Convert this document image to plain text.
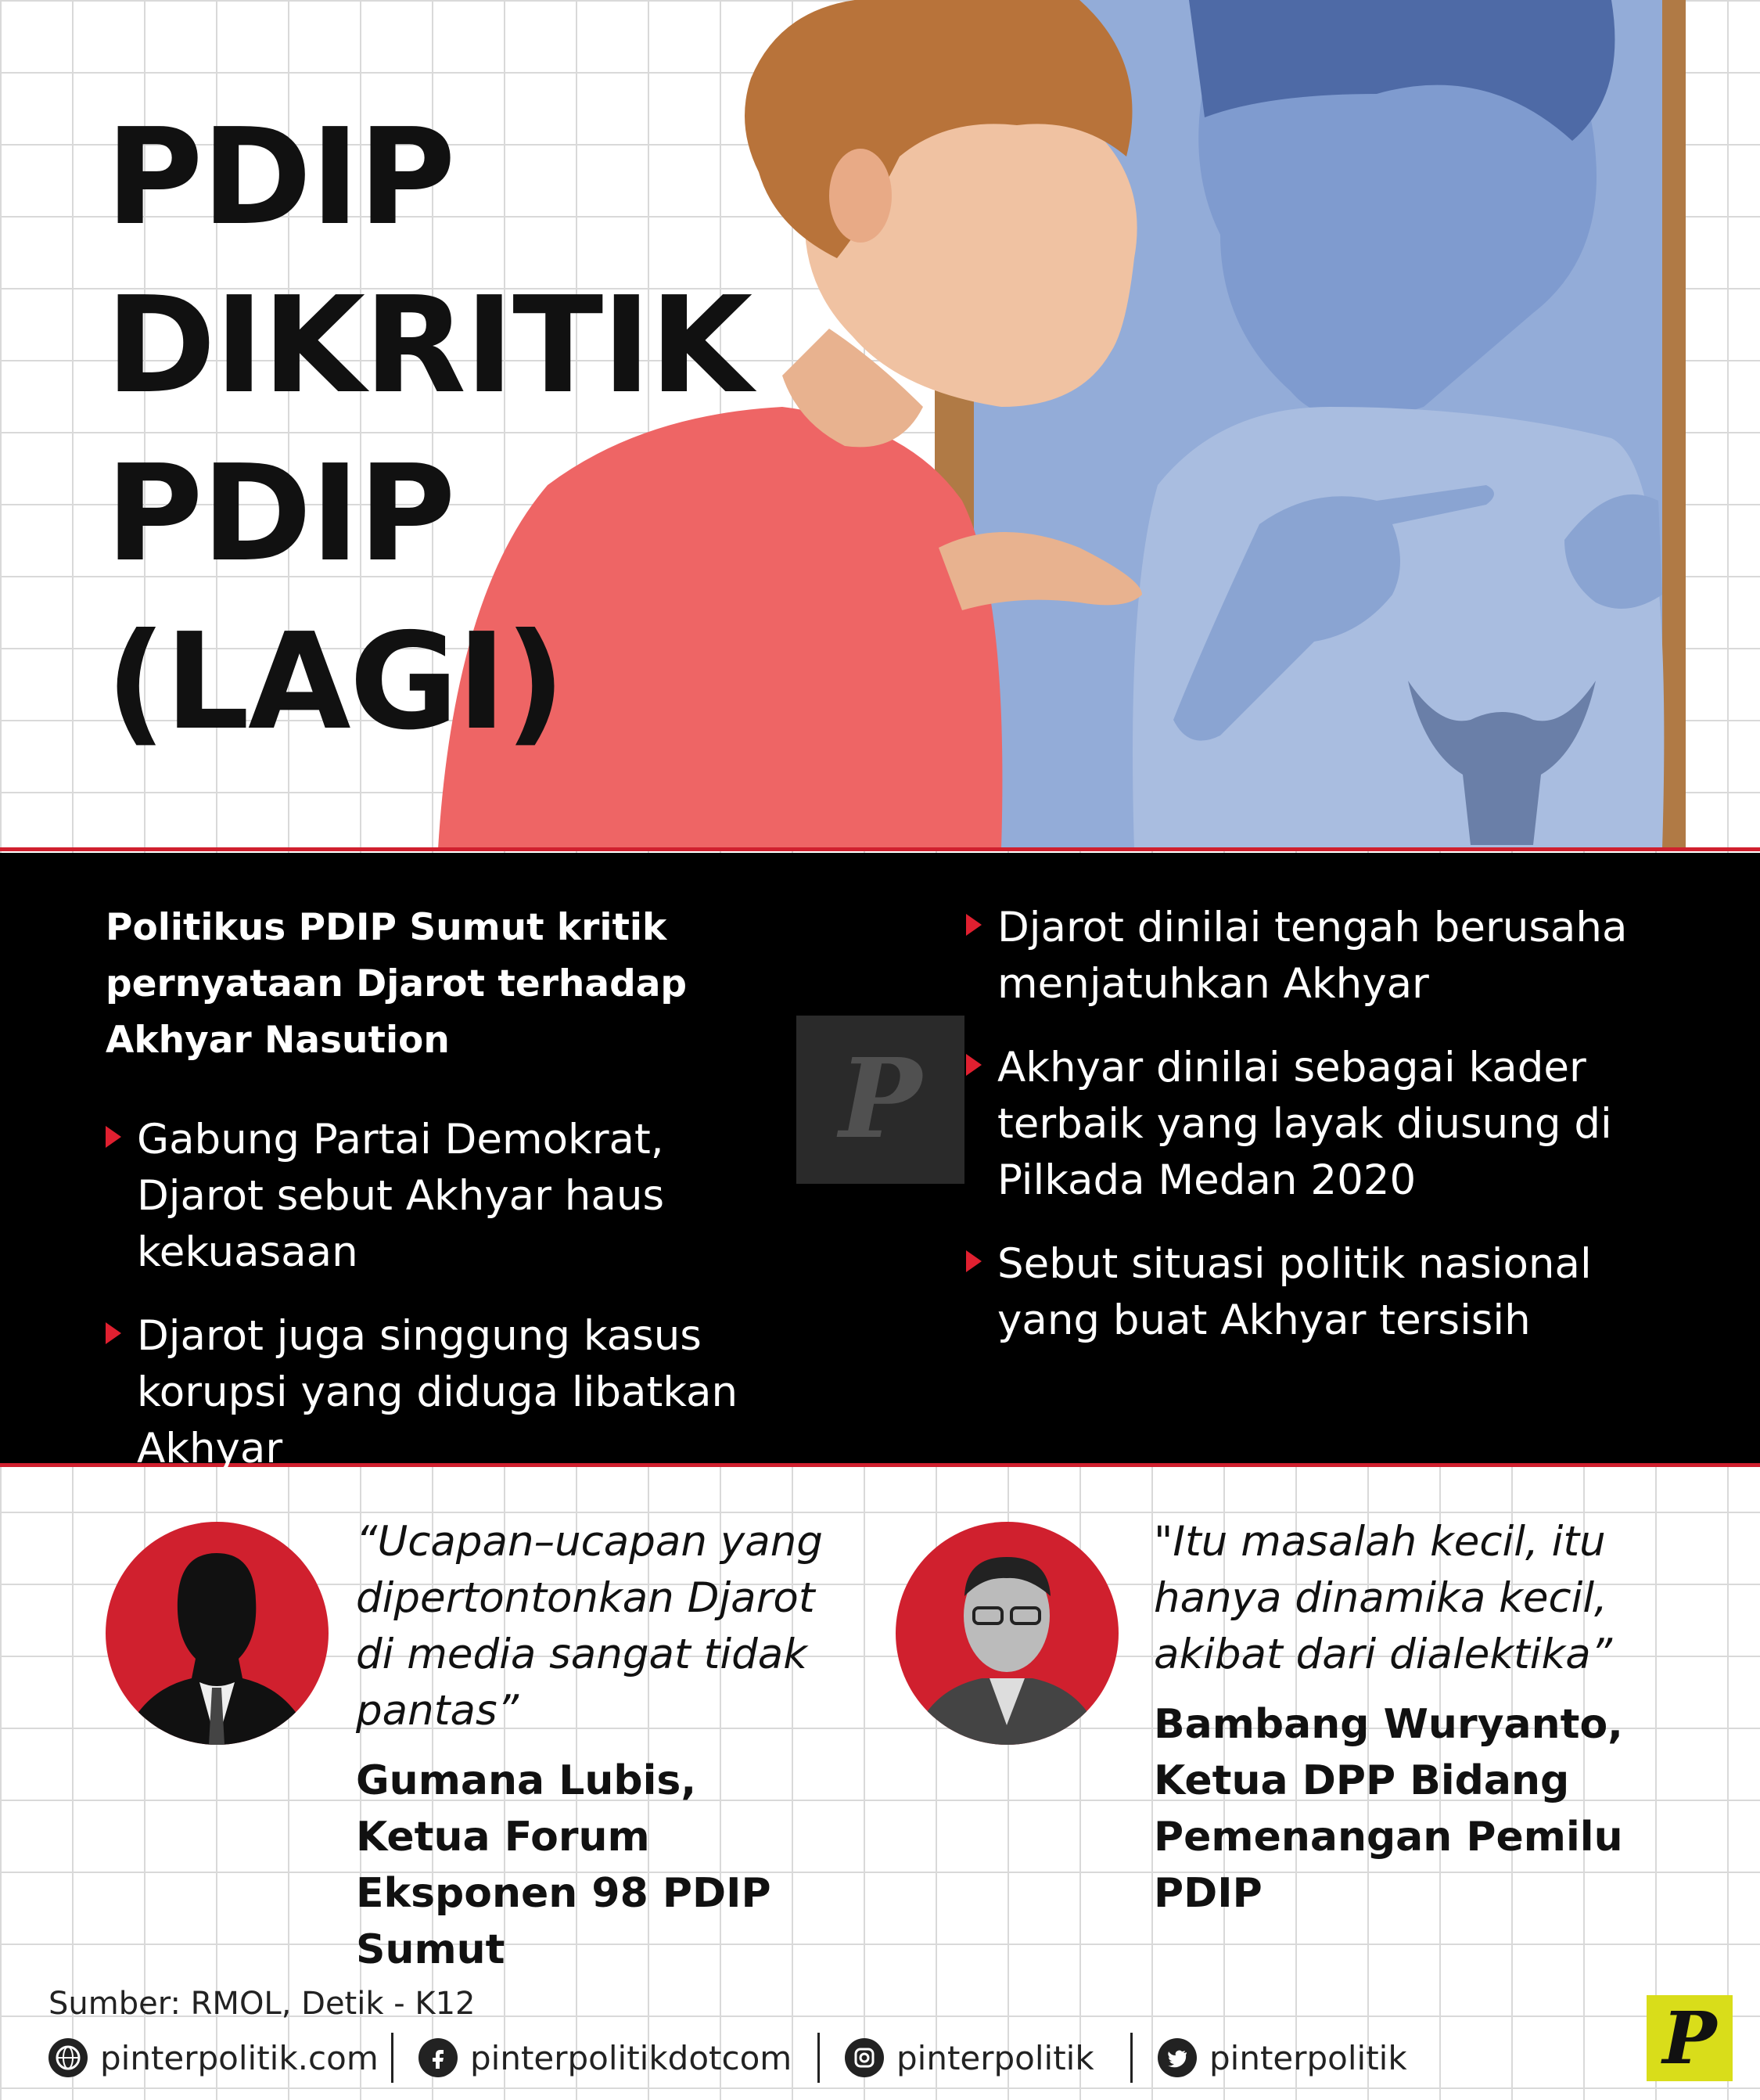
PDIP
DIKRITIK
PDIP
(LAGI)
P

Politikus PDIP Sumut kritik pernyataan Djarot terhadap Akhyar Nasution

Gabung Partai Demokrat, Djarot sebut Akhyar haus kekuasaan
Djarot juga singgung kasus korupsi yang diduga libatkan Akhyar
Djarot dinilai tengah berusaha menjatuhkan Akhyar
Akhyar dinilai sebagai kader terbaik yang layak diusung di Pilkada Medan 2020
Sebut situasi politik nasional yang buat Akhyar tersisih

“Ucapan–ucapan yang dipertontonkan Djarot di media sangat tidak pantas”

Gumana Lubis, Ketua Forum Eksponen 98 PDIP Sumut

"Itu masalah kecil, itu hanya dinamika kecil, akibat dari dialektika”

Bambang Wuryanto, Ketua DPP Bidang Pemenangan Pemilu PDIP

Sumber: RMOL, Detik - K12
pinterpolitik.com	pinterpolitikdotcom	pinterpolitik	pinterpolitik	P
